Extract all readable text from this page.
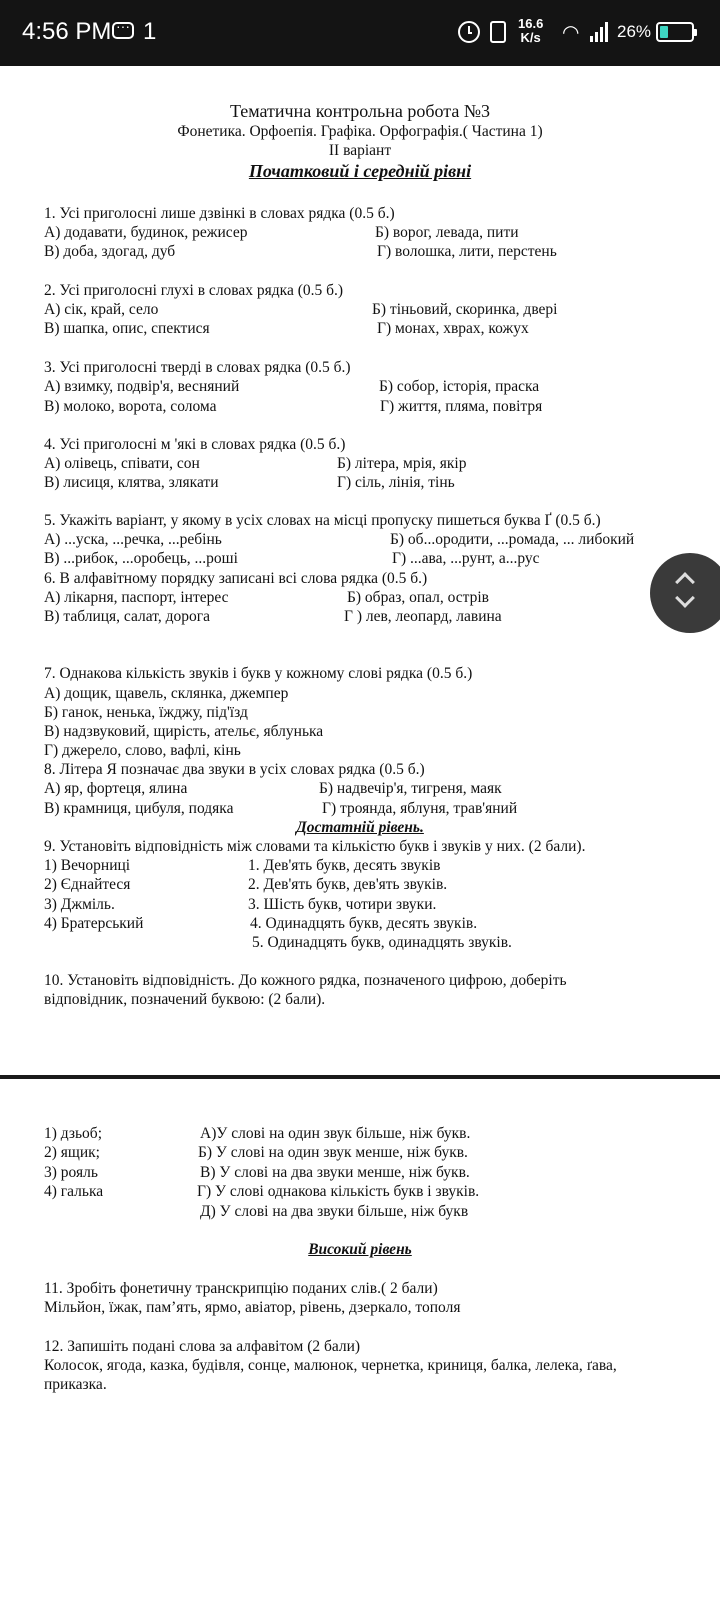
4:56 PM
··· 1	16.6
K/s ◠ 26%
Тематична контрольна робота №3
Фонетика. Орфоепія. Графіка. Орфографія.( Частина 1)
ІІ варіант
Початковий і середній рівні
1. Усі приголосні лише дзвінкі в словах рядка (0.5 б.)
А) додавати, будинок, режисер	Б) ворог, левада, пити
В) доба, здогад, дуб	Г) волошка, лити, перстень
2. Усі приголосні глухі в словах рядка (0.5 б.)
А) сік, край, село	Б) тіньовий, скоринка, двері
В) шапка, опис, спектися	Г) монах, хврах, кожух
3. Усі приголосні тверді в словах рядка (0.5 б.)
А) взимку, подвір'я, весняний	Б) собор, історія, праска
В) молоко, ворота, солома	Г) життя, пляма, повітря
4. Усі приголосні м 'які в словах рядка (0.5 б.)
А) олівець, співати, сон	Б) літера, мрія, якір
В) лисиця, клятва, злякати	Г) сіль, лінія, тінь
5. Укажіть варіант, у якому в усіх словах на місці пропуску пишеться буква Ґ (0.5 б.)
А) ...уска, ...речка, ...ребінь	Б) об...ородити, ...ромада, ... либокий
В) ...рибок, ...оробець, ...роші	Г) ...ава, ...рунт, а...рус
6. В алфавітному порядку записані всі слова рядка (0.5 б.)
А) лікарня, паспорт, інтерес	Б) образ, опал, острів
В) таблиця, салат, дорога	Г ) лев, леопард, лавина
7. Однакова кількість звуків і букв у кожному слові рядка (0.5 б.)
А) дощик, щавель, склянка, джемпер
Б) ганок, ненька, їжджу, під'їзд
В) надзвуковий, щирість, ательє, яблунька
Г) джерело, слово, вафлі, кінь
8. Літера Я позначає два звуки в усіх словах рядка (0.5 б.)
А) яр, фортеця, ялина	Б) надвечір'я, тигреня, маяк
В) крамниця, цибуля, подяка	Г) троянда, яблуня, трав'яний
Достатній рівень.
9. Установіть відповідність між словами та кількістю букв і звуків у них. (2 бали).
1) Вечорниці
2) Єднайтеся
3) Джміль.
4) Братерський
1. Дев'ять букв, десять звуків
2. Дев'ять букв, дев'ять звуків.
3. Шість букв, чотири звуки.
4. Одинадцять букв, десять звуків.
5. Одинадцять букв, одинадцять звуків.
10. Установіть відповідність. До кожного рядка, позначеного цифрою, доберіть
відповідник, позначений буквою: (2 бали).
1) дзьоб;
2) ящик;
3) рояль
4) галька
А)У слові на один звук більше, ніж букв.
Б) У слові на один звук менше, ніж букв.
В) У слові на два звуки менше, ніж букв.
Г) У слові однакова кількість букв і звуків.
Д) У слові на два звуки більше, ніж букв
Високий рівень
11. Зробіть фонетичну транскрипцію поданих слів.( 2 бали)
Мільйон, їжак, пам’ять, ярмо, авіатор, рівень, дзеркало, тополя
12. Запишіть подані слова за алфавітом (2 бали)
Колосок, ягода, казка, будівля, сонце, малюнок, чернетка, криниця, балка, лелека, ґава,
приказка.
